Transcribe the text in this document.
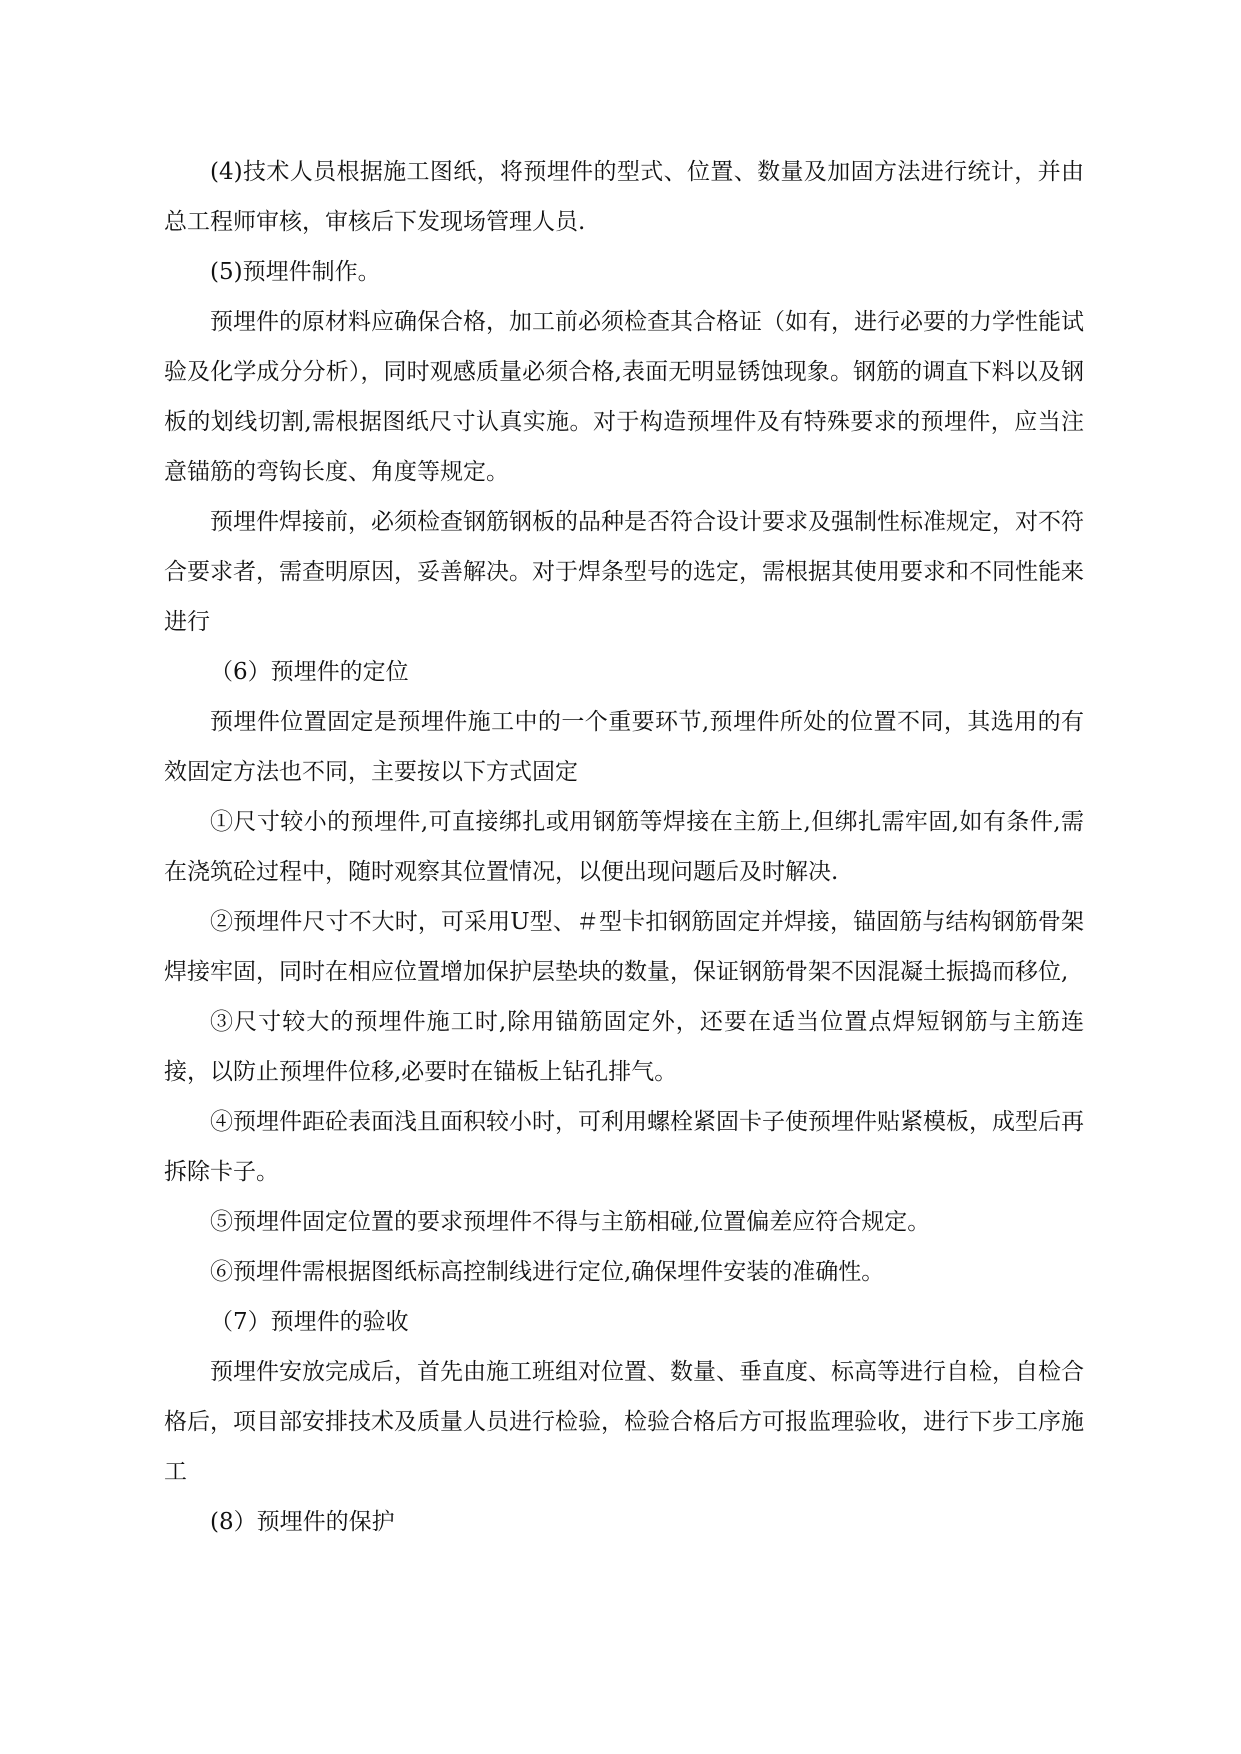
(4)技术人员根据施工图纸，将预埋件的型式、位置、数量及加固方法进行统计，并由总工程师审核，审核后下发现场管理人员.

(5)预埋件制作。

预埋件的原材料应确保合格，加工前必须检查其合格证（如有，进行必要的力学性能试验及化学成分分析），同时观感质量必须合格,表面无明显锈蚀现象。钢筋的调直下料以及钢板的划线切割,需根据图纸尺寸认真实施。对于构造预埋件及有特殊要求的预埋件，应当注意锚筋的弯钩长度、角度等规定。

预埋件焊接前，必须检查钢筋钢板的品种是否符合设计要求及强制性标准规定，对不符合要求者，需查明原因，妥善解决。对于焊条型号的选定，需根据其使用要求和不同性能来进行

（6）预埋件的定位

预埋件位置固定是预埋件施工中的一个重要环节,预埋件所处的位置不同，其选用的有效固定方法也不同，主要按以下方式固定

①尺寸较小的预埋件,可直接绑扎或用钢筋等焊接在主筋上,但绑扎需牢固,如有条件,需在浇筑砼过程中，随时观察其位置情况，以便出现问题后及时解决.

②预埋件尺寸不大时，可采用U型、＃型卡扣钢筋固定并焊接，锚固筋与结构钢筋骨架焊接牢固，同时在相应位置增加保护层垫块的数量，保证钢筋骨架不因混凝土振捣而移位,

③尺寸较大的预埋件施工时,除用锚筋固定外，还要在适当位置点焊短钢筋与主筋连接，以防止预埋件位移,必要时在锚板上钻孔排气。

④预埋件距砼表面浅且面积较小时，可利用螺栓紧固卡子使预埋件贴紧模板，成型后再拆除卡子。

⑤预埋件固定位置的要求预埋件不得与主筋相碰,位置偏差应符合规定。

⑥预埋件需根据图纸标高控制线进行定位,确保埋件安装的准确性。

（7）预埋件的验收

预埋件安放完成后，首先由施工班组对位置、数量、垂直度、标高等进行自检，自检合格后，项目部安排技术及质量人员进行检验，检验合格后方可报监理验收，进行下步工序施工

(8）预埋件的保护
